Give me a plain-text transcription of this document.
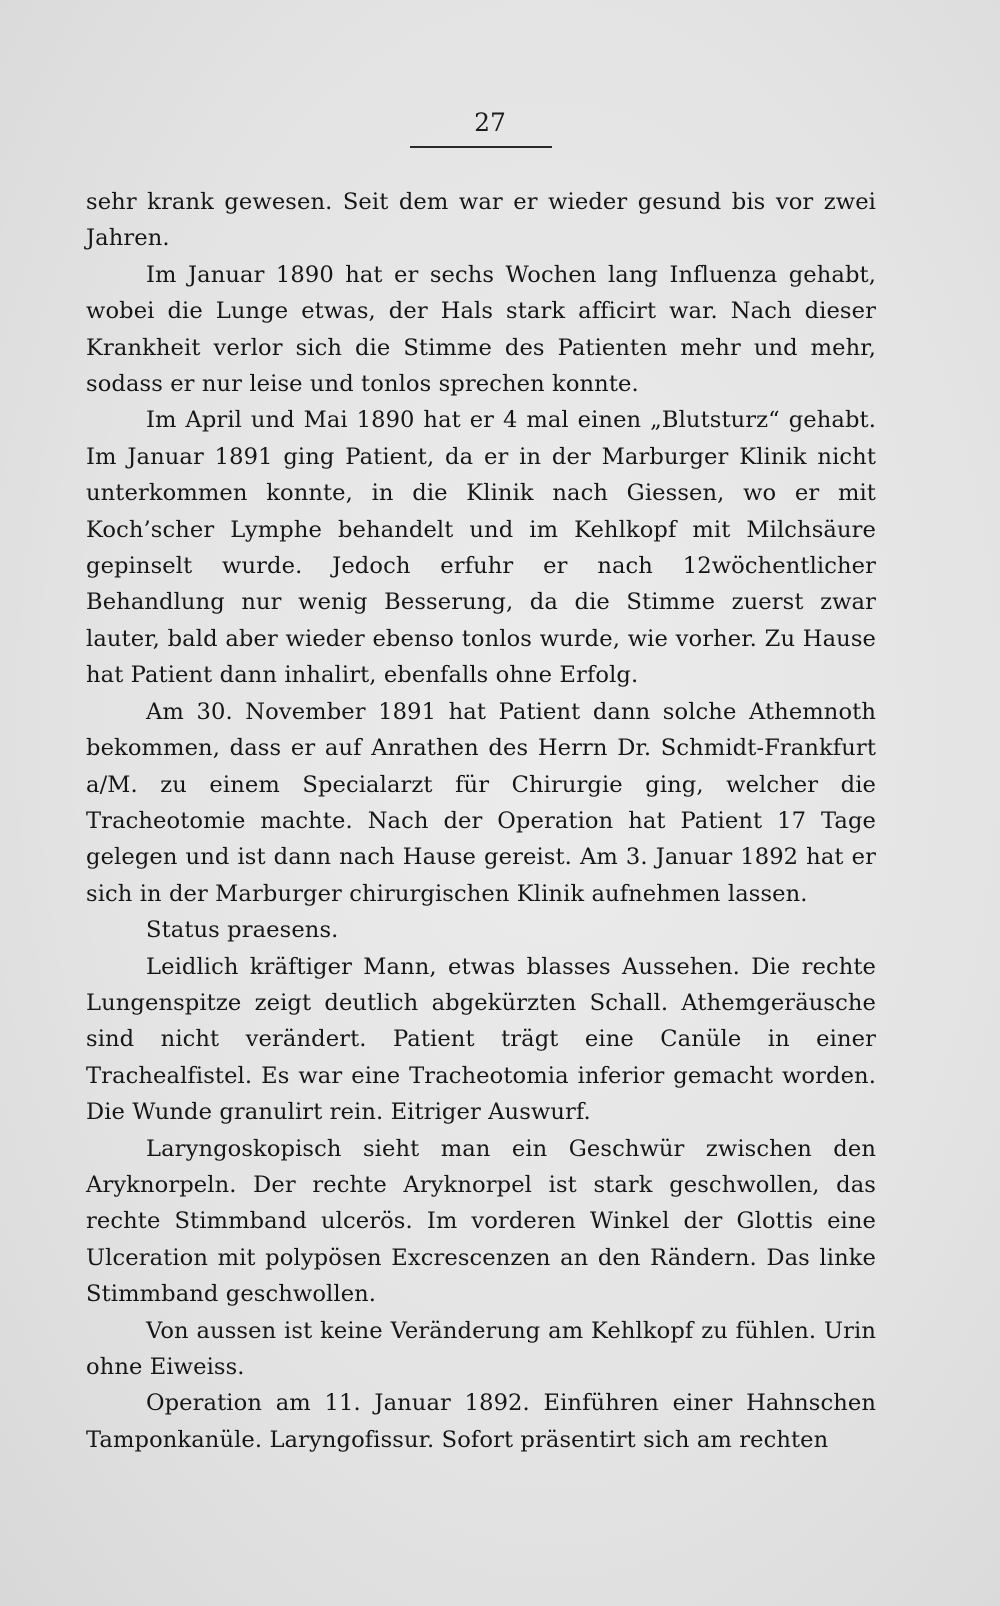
27

sehr krank gewesen. Seit dem war er wieder gesund bis vor zwei Jahren.

Im Januar 1890 hat er sechs Wochen lang Influenza gehabt, wobei die Lunge etwas, der Hals stark afficirt war. Nach dieser Krankheit verlor sich die Stimme des Patienten mehr und mehr, sodass er nur leise und tonlos sprechen konnte.

Im April und Mai 1890 hat er 4 mal einen „Blutsturz“ gehabt. Im Januar 1891 ging Patient, da er in der Marburger Klinik nicht unterkommen konnte, in die Klinik nach Giessen, wo er mit Koch’scher Lymphe behandelt und im Kehlkopf mit Milchsäure gepinselt wurde. Jedoch erfuhr er nach 12wöchentlicher Behandlung nur wenig Besserung, da die Stimme zuerst zwar lauter, bald aber wieder ebenso tonlos wurde, wie vorher. Zu Hause hat Patient dann inhalirt, ebenfalls ohne Erfolg.

Am 30. November 1891 hat Patient dann solche Athemnoth bekommen, dass er auf Anrathen des Herrn Dr. Schmidt-Frankfurt a/M. zu einem Specialarzt für Chirurgie ging, welcher die Tracheotomie machte. Nach der Operation hat Patient 17 Tage gelegen und ist dann nach Hause gereist. Am 3. Januar 1892 hat er sich in der Marburger chirurgischen Klinik aufnehmen lassen.

Status praesens.

Leidlich kräftiger Mann, etwas blasses Aussehen. Die rechte Lungenspitze zeigt deutlich abgekürzten Schall. Athemgeräusche sind nicht verändert. Patient trägt eine Canüle in einer Trachealfistel. Es war eine Tracheotomia inferior gemacht worden. Die Wunde granulirt rein. Eitriger Auswurf.

Laryngoskopisch sieht man ein Geschwür zwischen den Aryknorpeln. Der rechte Aryknorpel ist stark geschwollen, das rechte Stimmband ulcerös. Im vorderen Winkel der Glottis eine Ulceration mit polypösen Excrescenzen an den Rändern. Das linke Stimmband geschwollen.

Von aussen ist keine Veränderung am Kehlkopf zu fühlen. Urin ohne Eiweiss.

Operation am 11. Januar 1892. Einführen einer Hahnschen Tamponkanüle. Laryngofissur. Sofort präsentirt sich am rechten
